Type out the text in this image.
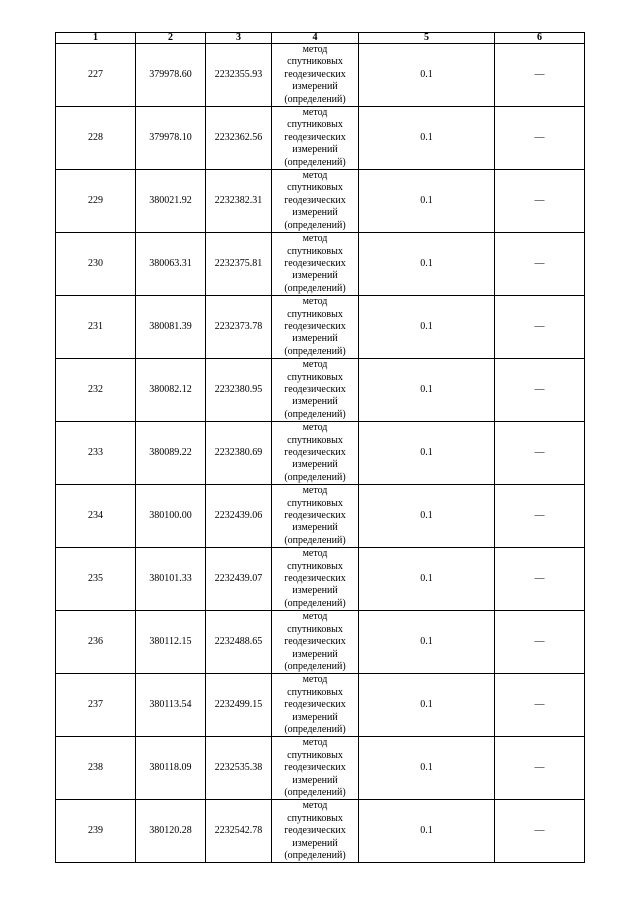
1	2	3	4	5	6
227	379978.60	2232355.93	метод
спутниковых
геодезических
измерений
(определений)	0.1	—
228	379978.10	2232362.56	метод
спутниковых
геодезических
измерений
(определений)	0.1	—
229	380021.92	2232382.31	метод
спутниковых
геодезических
измерений
(определений)	0.1	—
230	380063.31	2232375.81	метод
спутниковых
геодезических
измерений
(определений)	0.1	—
231	380081.39	2232373.78	метод
спутниковых
геодезических
измерений
(определений)	0.1	—
232	380082.12	2232380.95	метод
спутниковых
геодезических
измерений
(определений)	0.1	—
233	380089.22	2232380.69	метод
спутниковых
геодезических
измерений
(определений)	0.1	—
234	380100.00	2232439.06	метод
спутниковых
геодезических
измерений
(определений)	0.1	—
235	380101.33	2232439.07	метод
спутниковых
геодезических
измерений
(определений)	0.1	—
236	380112.15	2232488.65	метод
спутниковых
геодезических
измерений
(определений)	0.1	—
237	380113.54	2232499.15	метод
спутниковых
геодезических
измерений
(определений)	0.1	—
238	380118.09	2232535.38	метод
спутниковых
геодезических
измерений
(определений)	0.1	—
239	380120.28	2232542.78	метод
спутниковых
геодезических
измерений
(определений)	0.1	—
